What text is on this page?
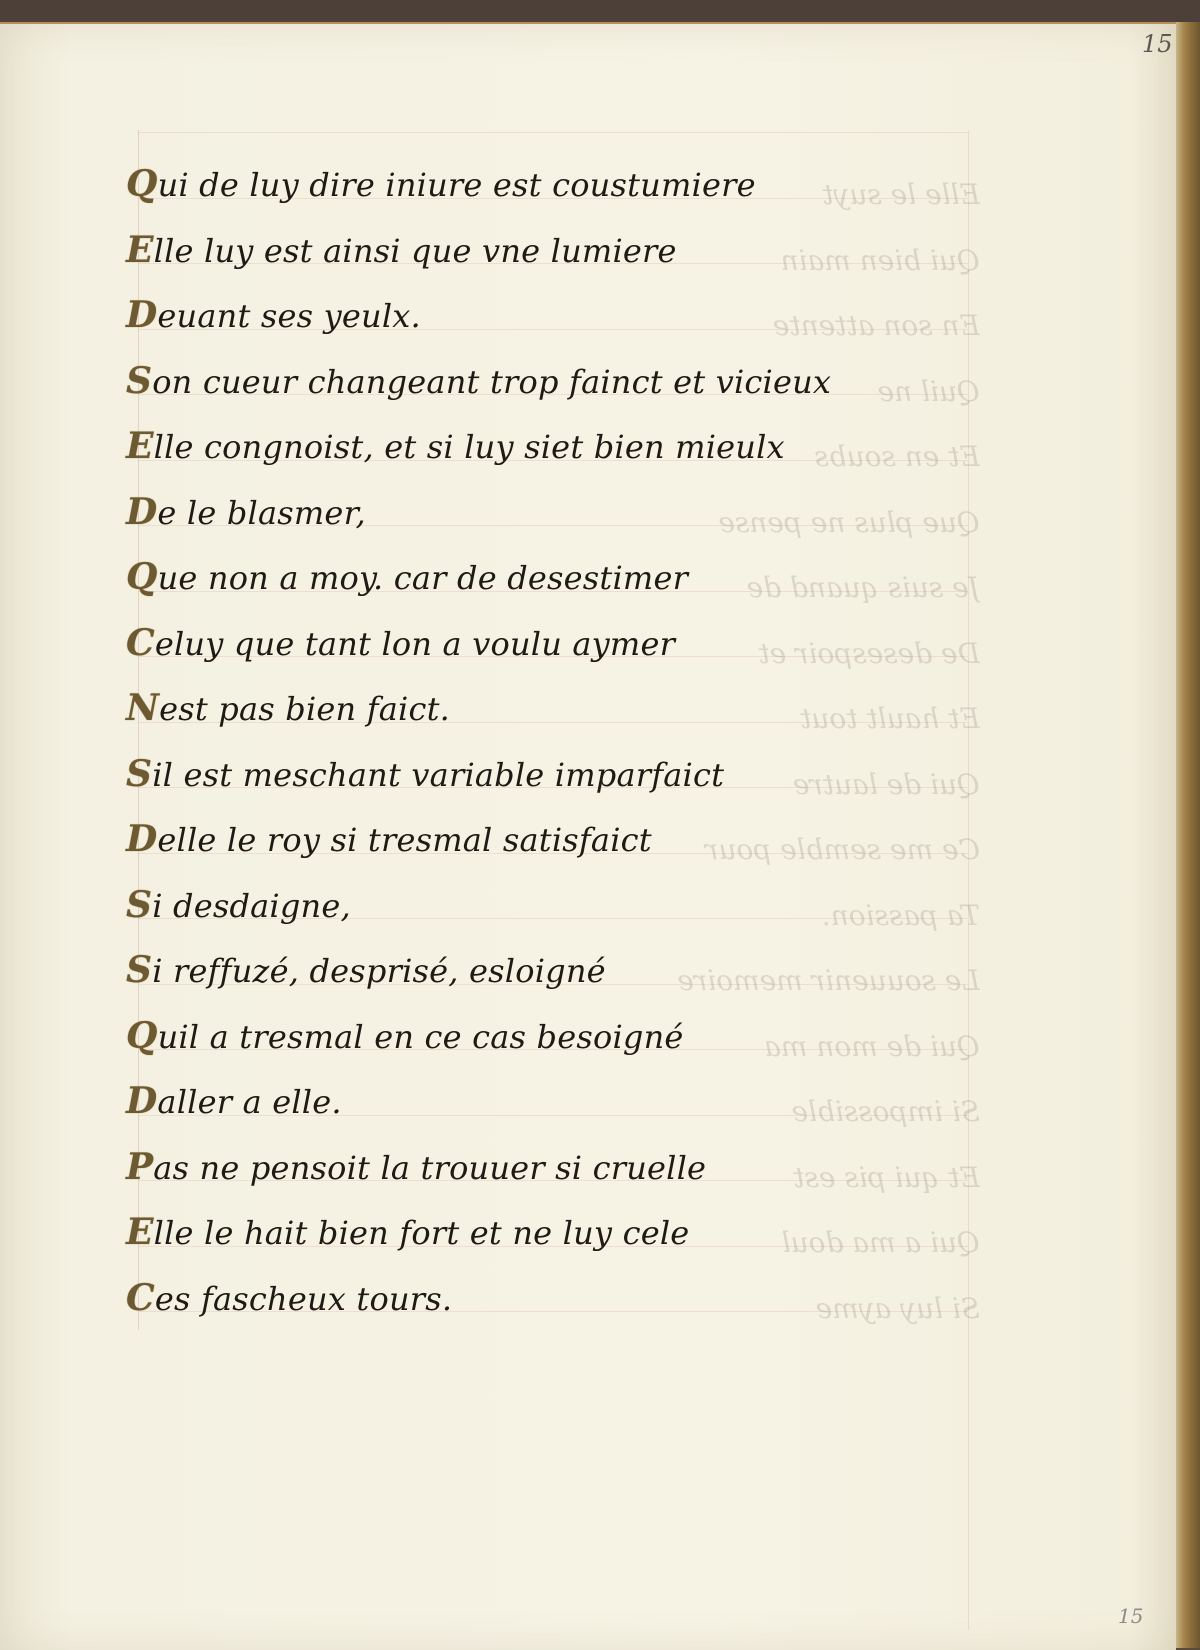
Elle le suyt
Qui bien main
En son attente
Quil ne
Et en soubs
Que plus ne pense
Je suis quand de
De desespoir et
Et hault tout
Qui de lautre
Ce me semble pour
Ta passion.
Le souuenir memoire
Qui de mon ma
Si impossible
Et qui pis est
Qui a ma doul
Si luy ayme
15
Qui de luy dire iniure est coustumiere
Elle luy est ainsi que vne lumiere
Deuant ses yeulx.
Son cueur changeant trop fainct et vicieux
Elle congnoist, et si luy siet bien mieulx
De le blasmer,
Que non a moy. car de desestimer
Celuy que tant lon a voulu aymer
Nest pas bien faict.
Sil est meschant variable imparfaict
Delle le roy si tresmal satisfaict
Si desdaigne,
Si reffuzé, desprisé, esloigné
Quil a tresmal en ce cas besoigné
Daller a elle.
Pas ne pensoit la trouuer si cruelle
Elle le hait bien fort et ne luy cele
Ces fascheux tours.
15
